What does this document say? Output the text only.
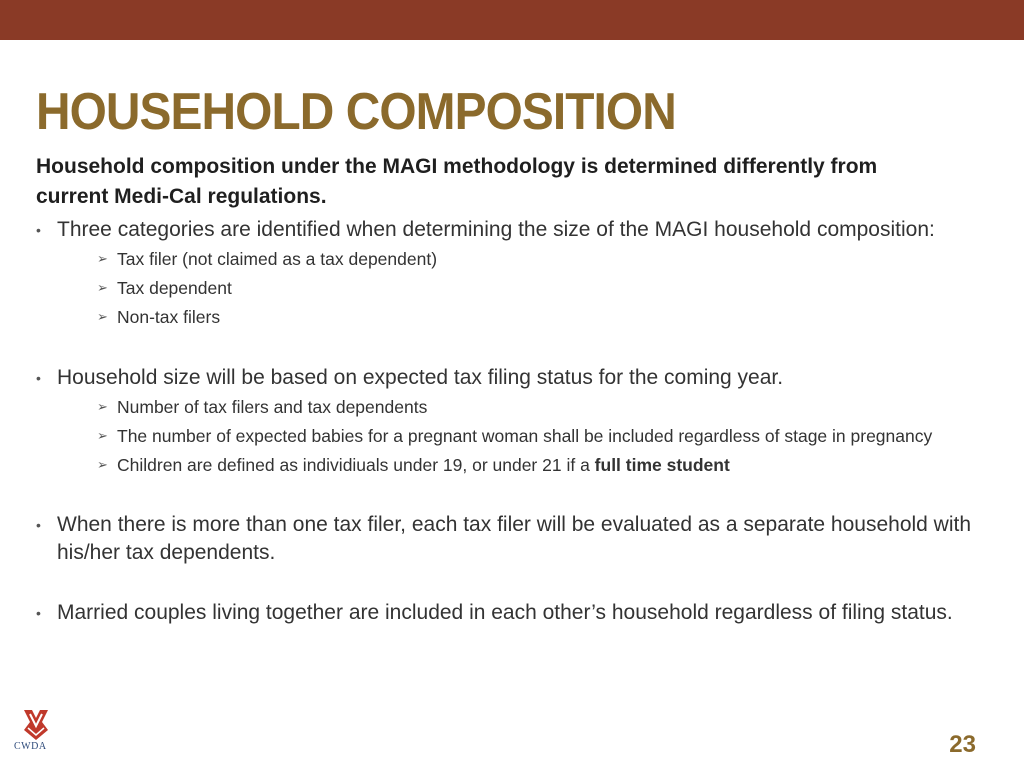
HOUSEHOLD COMPOSITION
Household composition under the MAGI methodology is determined differently from current Medi-Cal regulations.
• Three categories are identified when determining the size of the MAGI household composition:
➢ Tax filer (not claimed as a tax dependent)
➢ Tax dependent
➢ Non-tax filers
• Household size will be based on expected tax filing status for the coming year.
➢ Number of tax filers and tax dependents
➢ The number of expected babies for a pregnant woman shall be included regardless of stage in pregnancy
➢ Children are defined as individiuals under 19, or under 21 if a full time student
• When there is more than one tax filer, each tax filer will be evaluated as a separate household with his/her tax dependents.
• Married couples living together are included in each other’s household regardless of filing status.
CWDA	23
